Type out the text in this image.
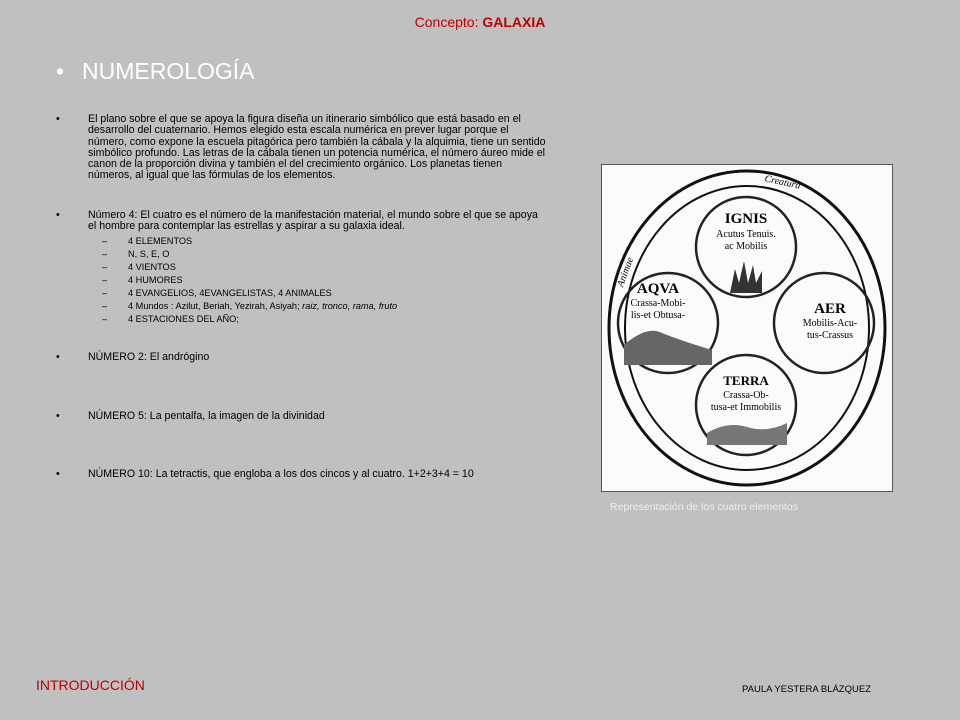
Concepto: GALAXIA
• NUMEROLOGÍA
•	El plano sobre el que se apoya la figura diseña un itinerario simbólico que está basado en el desarrollo del cuaternario. Hemos elegido esta escala numérica en prever lugar porque el número, como expone la escuela pitagórica pero también la cábala y la alquimia, tiene un sentido simbólico profundo. Las letras de la cábala tienen un potencia numérica, el número áureo mide el canon de la proporción divina y también el del crecimiento orgánico. Los planetas tienen números, al igual que las fórmulas de los elementos.
•	Número 4: El cuatro es el número de la manifestación material, el mundo sobre el que se apoya el hombre para contemplar las estrellas y aspirar a su galaxia ideal.
– 4 ELEMENTOS
– N, S, E, O
– 4 VIENTOS
– 4 HUMORES
– 4 EVANGELIOS, 4EVANGELISTAS, 4 ANIMALES
– 4 Mundos : Azilut, Beriah, Yezirah, Asiyah; raiz, tronco, rama, fruto
– 4 ESTACIONES DEL AÑO;
•	NÚMERO 2: El andrógino
•	NÚMERO 5: La pentalfa, la imagen de la divinidad
•	NÚMERO 10: La tetractis, que engloba a los dos cincos y al cuatro. 1+2+3+4 = 10
IGNIS
Acutus Tenuis.
ac Mobilis
AQVA
Crassa-Mobi-
lis-et Obtusa-	AER
Mobilis-Acu-
tus-Crassus
TERRA
Crassa-Ob-
tusa-et Immobilis
Creatura
Animae
Representación de los cuatro elementos
INTRODUCCIÓN	PAULA YESTERA BLÁZQUEZ
